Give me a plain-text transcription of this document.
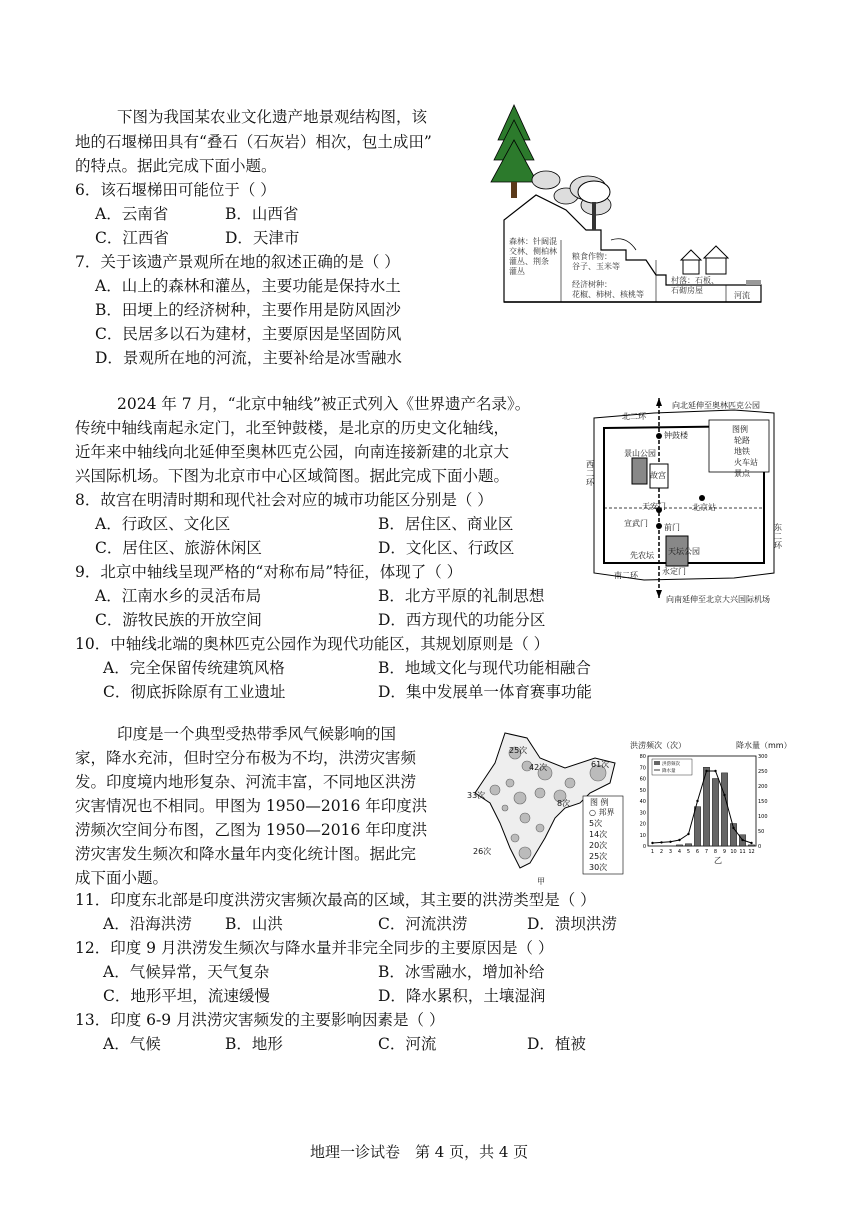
下图为我国某农业文化遗产地景观结构图，该
地的石堰梯田具有“叠石（石灰岩）相次，包土成田”
的特点。据此完成下面小题。
6．该石堰梯田可能位于（ ）
A．云南省	B．山西省
C．江西省	D．天津市
7．关于该遗产景观所在地的叙述正确的是（ ）
A．山上的森林和灌丛，主要功能是保持水土
B．田埂上的经济树种，主要作用是防风固沙
C．民居多以石为建材，主要原因是坚固防风
D．景观所在地的河流，主要补给是冰雪融水
森林：针阔混
交林、侧柏林
灌丛、荆条
灌丛
粮食作物：
谷子、玉米等
经济树种：
花椒、柿树、核桃等
村落：石板、
石砌房屋
河流
2024 年 7 月，“北京中轴线”被正式列入《世界遗产名录》。
传统中轴线南起永定门，北至钟鼓楼，是北京的历史文化轴线，
近年来中轴线向北延伸至奥林匹克公园，向南连接新建的北京大
兴国际机场。下图为北京市中心区域简图。据此完成下面小题。
8．故宫在明清时期和现代社会对应的城市功能区分别是（ ）
A．行政区、文化区	B．居住区、商业区
C．居住区、旅游休闲区	D．文化区、行政区
9．北京中轴线呈现严格的“对称布局”特征，体现了（ ）
A．江南水乡的灵活布局	B．北方平原的礼制思想
C．游牧民族的开放空间	D．西方现代的功能分区
10．中轴线北端的奥林匹克公园作为现代功能区，其规划原则是（ ）
A．完全保留传统建筑风格	B．地域文化与现代功能相融合
C．彻底拆除原有工业遗址	D．集中发展单一体育赛事功能
向北延伸至奥林匹克公园
向南延伸至北京大兴国际机场
图例
轮路
地铁
火车站
景点
西二环
东二环
北二环
钟鼓楼
景山公园
故宫
天安门	北京站
宣武门 前门
天坛公园
先农坛
永定门
南二环
印度是一个典型受热带季风气候影响的国
家，降水充沛，但时空分布极为不均，洪涝灾害频
发。印度境内地形复杂、河流丰富，不同地区洪涝
灾害情况也不相同。甲图为 1950—2016 年印度洪
涝频次空间分布图，乙图为 1950—2016 年印度洪
涝灾害发生频次和降水量年内变化统计图。据此完
成下面小题。
11．印度东北部是印度洪涝灾害频次最高的区域，其主要的洪涝类型是（ ）
A．沿海洪涝 B．山洪	C．河流洪涝	D．溃坝洪涝
12．印度 9 月洪涝发生频次与降水量并非完全同步的主要原因是（ ）
A．气候异常，天气复杂	B．冰雪融水，增加补给
C．地形平坦，流速缓慢	D．降水累积，土壤湿润
13．印度 6-9 月洪涝灾害频发的主要影响因素是（ ）
A．气候	B．地形	C．河流	D．植被
25次
42次	61次
33次
8次
26次
图 例
○ 邦界
5次
14次
20次
25次
30次
甲
洪涝频次（次）	降水量（mm）
80
70
60
50
40
30
20
10
0
300
250
200
150
100
50
0
1 2 3 4 5 6 7 8 9 10 11 12
洪涝频次
降水量
乙
地理一诊试卷　第 4 页，共 4 页
